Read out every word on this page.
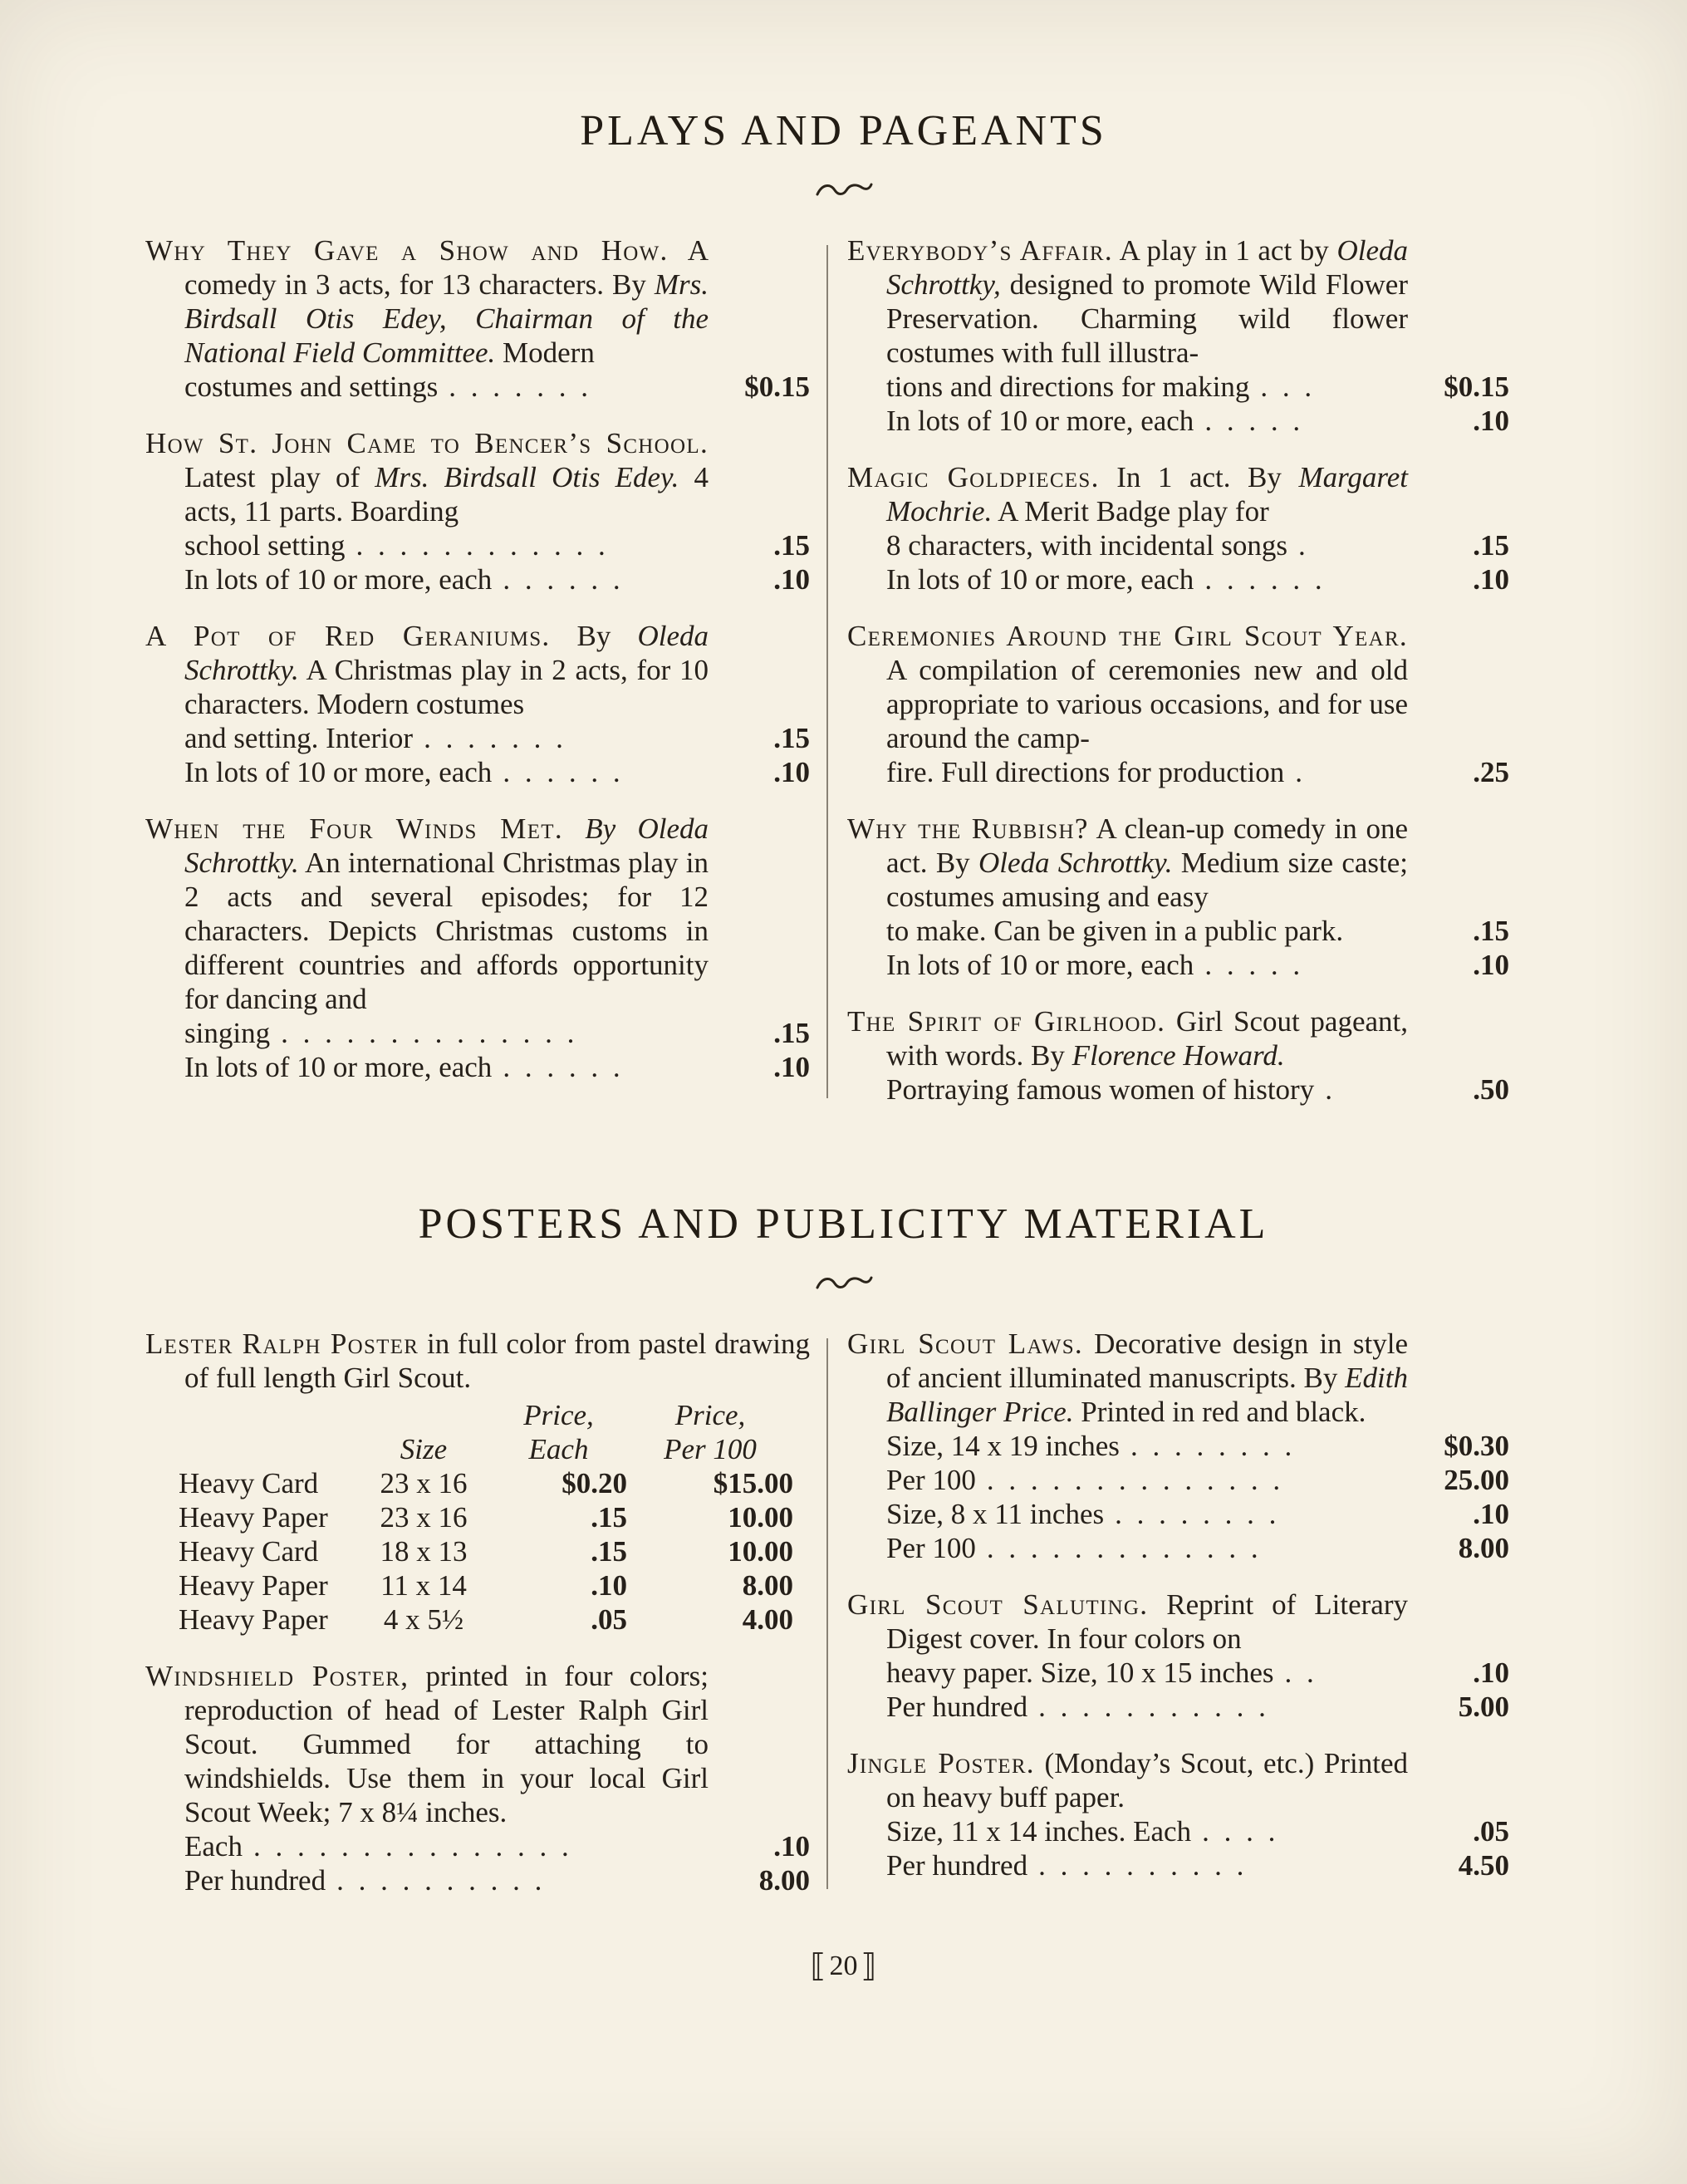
PLAYS AND PAGEANTS

Why They Gave a Show and How. A comedy in 3 acts, for 13 characters. By Mrs. Birdsall Otis Edey, Chairman of the National Field Committee. Modern

costumes and settings . . . . . . .	$0.15

How St. John Came to Bencer’s School. Latest play of Mrs. Birdsall Otis Edey. 4 acts, 11 parts. Boarding

school setting . . . . . . . . . . . .	.15
In lots of 10 or more, each . . . . . .	.10

A Pot of Red Geraniums. By Oleda Schrottky. A Christmas play in 2 acts, for 10 characters. Modern costumes

and setting. Interior . . . . . . .	.15
In lots of 10 or more, each . . . . . .	.10

When the Four Winds Met. By Oleda Schrottky. An international Christmas play in 2 acts and several episodes; for 12 characters. Depicts Christmas customs in different countries and affords opportunity for dancing and

singing . . . . . . . . . . . . . .	.15
In lots of 10 or more, each . . . . . .	.10

Everybody’s Affair. A play in 1 act by Oleda Schrottky, designed to promote Wild Flower Preservation. Charming wild flower costumes with full illustra-

tions and directions for making . . .	$0.15
In lots of 10 or more, each . . . . .	.10

Magic Goldpieces. In 1 act. By Margaret Mochrie. A Merit Badge play for

8 characters, with incidental songs .	.15
In lots of 10 or more, each . . . . . .	.10

Ceremonies Around the Girl Scout Year. A compilation of ceremonies new and old appropriate to various occasions, and for use around the camp-

fire. Full directions for production .	.25

Why the Rubbish? A clean-up comedy in one act. By Oleda Schrottky. Medium size caste; costumes amusing and easy

to make. Can be given in a public park.	.15
In lots of 10 or more, each . . . . .	.10

The Spirit of Girlhood. Girl Scout pageant, with words. By Florence Howard.

Portraying famous women of history .	.50
POSTERS AND PUBLICITY MATERIAL

Lester Ralph Poster in full color from pastel drawing of full length Girl Scout.

Price,	Price,
Size	Each	Per 100
Heavy Card	23 x 16	$0.20	$15.00
Heavy Paper	23 x 16	.15	10.00
Heavy Card	18 x 13	.15	10.00
Heavy Paper	11 x 14	.10	8.00
Heavy Paper	4 x 5½	.05	4.00

Windshield Poster, printed in four colors; reproduction of head of Lester Ralph Girl Scout. Gummed for attaching to windshields. Use them in your local Girl Scout Week; 7 x 8¼ inches.

Each . . . . . . . . . . . . . . .	.10
Per hundred . . . . . . . . . .	8.00

Girl Scout Laws. Decorative design in style of ancient illuminated manuscripts. By Edith Ballinger Price. Printed in red and black.

Size, 14 x 19 inches . . . . . . . .	$0.30
Per 100 . . . . . . . . . . . . . .	25.00
Size, 8 x 11 inches . . . . . . . .	.10
Per 100 . . . . . . . . . . . . .	8.00

Girl Scout Saluting. Reprint of Literary Digest cover. In four colors on

heavy paper. Size, 10 x 15 inches . .	.10
Per hundred . . . . . . . . . . .	5.00

Jingle Poster. (Monday’s Scout, etc.) Printed on heavy buff paper.

Size, 11 x 14 inches. Each . . . .	.05
Per hundred . . . . . . . . . .	4.50
⟦ 20 ⟧
